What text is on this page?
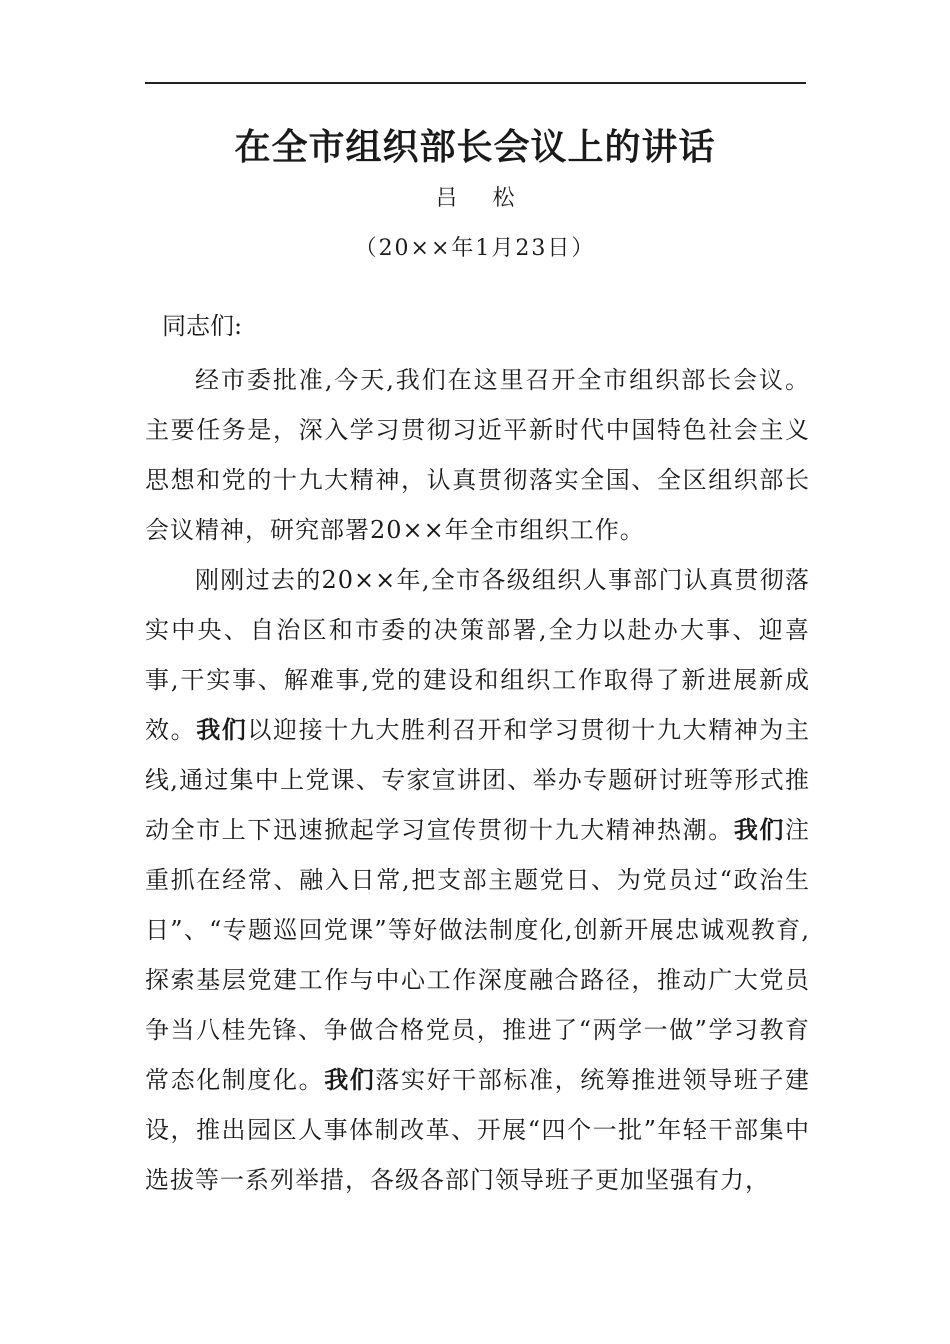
在全市组织部长会议上的讲话
吕 松
（20××年1月23日）
同志们:

经市委批准,今天,我们在这里召开全市组织部长会议。主要任务是，深入学习贯彻习近平新时代中国特色社会主义思想和党的十九大精神，认真贯彻落实全国、全区组织部长会议精神，研究部署20××年全市组织工作。

刚刚过去的20××年,全市各级组织人事部门认真贯彻落实中央、自治区和市委的决策部署,全力以赴办大事、迎喜事,干实事、解难事,党的建设和组织工作取得了新进展新成效。我们以迎接十九大胜利召开和学习贯彻十九大精神为主线,通过集中上党课、专家宣讲团、举办专题研讨班等形式推动全市上下迅速掀起学习宣传贯彻十九大精神热潮。我们注重抓在经常、融入日常,把支部主题党日、为党员过“政治生日”、“专题巡回党课”等好做法制度化,创新开展忠诚观教育,探索基层党建工作与中心工作深度融合路径，推动广大党员争当八桂先锋、争做合格党员，推进了“两学一做”学习教育常态化制度化。我们落实好干部标准，统筹推进领导班子建设，推出园区人事体制改革、开展“四个一批”年轻干部集中选拔等一系列举措，各级各部门领导班子更加坚强有力，
